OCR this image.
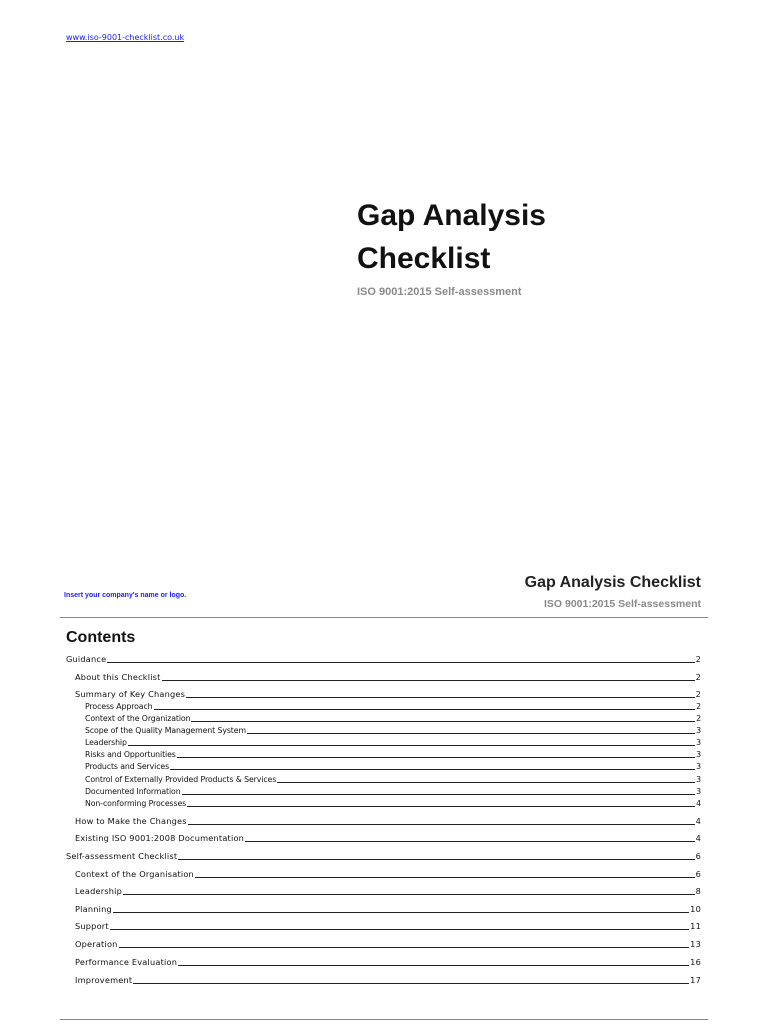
www.iso-9001-checklist.co.uk
Gap Analysis
Checklist
ISO 9001:2015 Self-assessment
Insert your company's name or logo.
Gap Analysis Checklist
ISO 9001:2015 Self-assessment
Contents
Guidance	2
About this Checklist	2
Summary of Key Changes	2
Process Approach	2
Context of the Organization	2
Scope of the Quality Management System	3
Leadership	3
Risks and Opportunities	3
Products and Services	3
Control of Externally Provided Products & Services	3
Documented Information	3
Non-conforming Processes	4
How to Make the Changes	4
Existing ISO 9001:2008 Documentation	4
Self-assessment Checklist	6
Context of the Organisation	6
Leadership	8
Planning	10
Support	11
Operation	13
Performance Evaluation	16
Improvement	17
